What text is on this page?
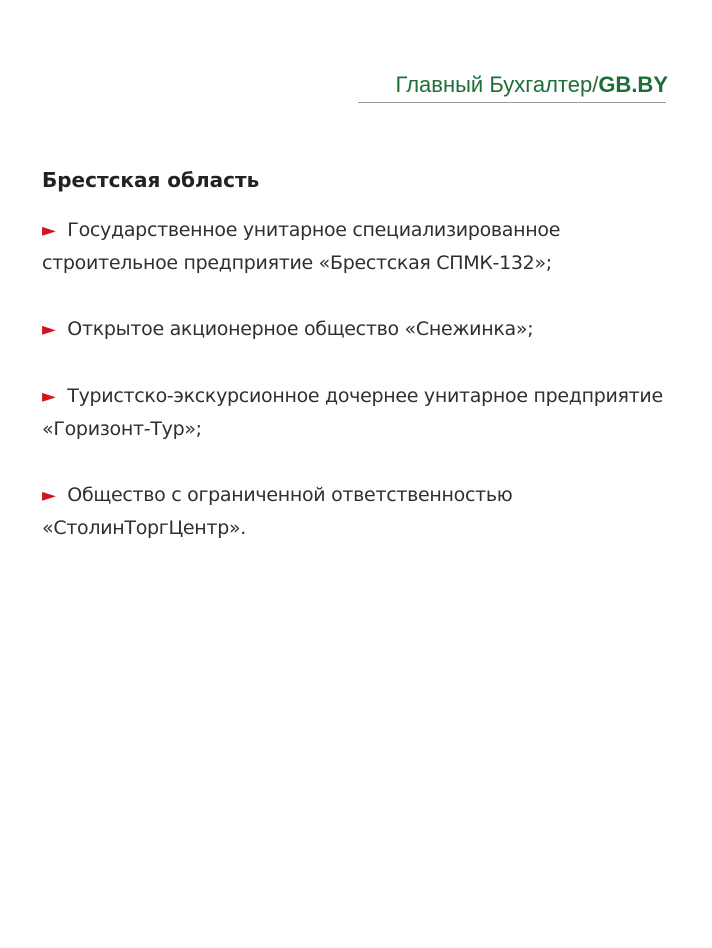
Главный Бухгалтер/GB.BY
Брестская область
► Государственное унитарное специализированное строительное предприятие «Брестская СПМК-132»;
► Открытое акционерное общество «Снежинка»;
► Туристско-экскурсионное дочернее унитарное предприятие «Горизонт-Тур»;
► Общество с ограниченной ответственностью «СтолинТоргЦентр».
